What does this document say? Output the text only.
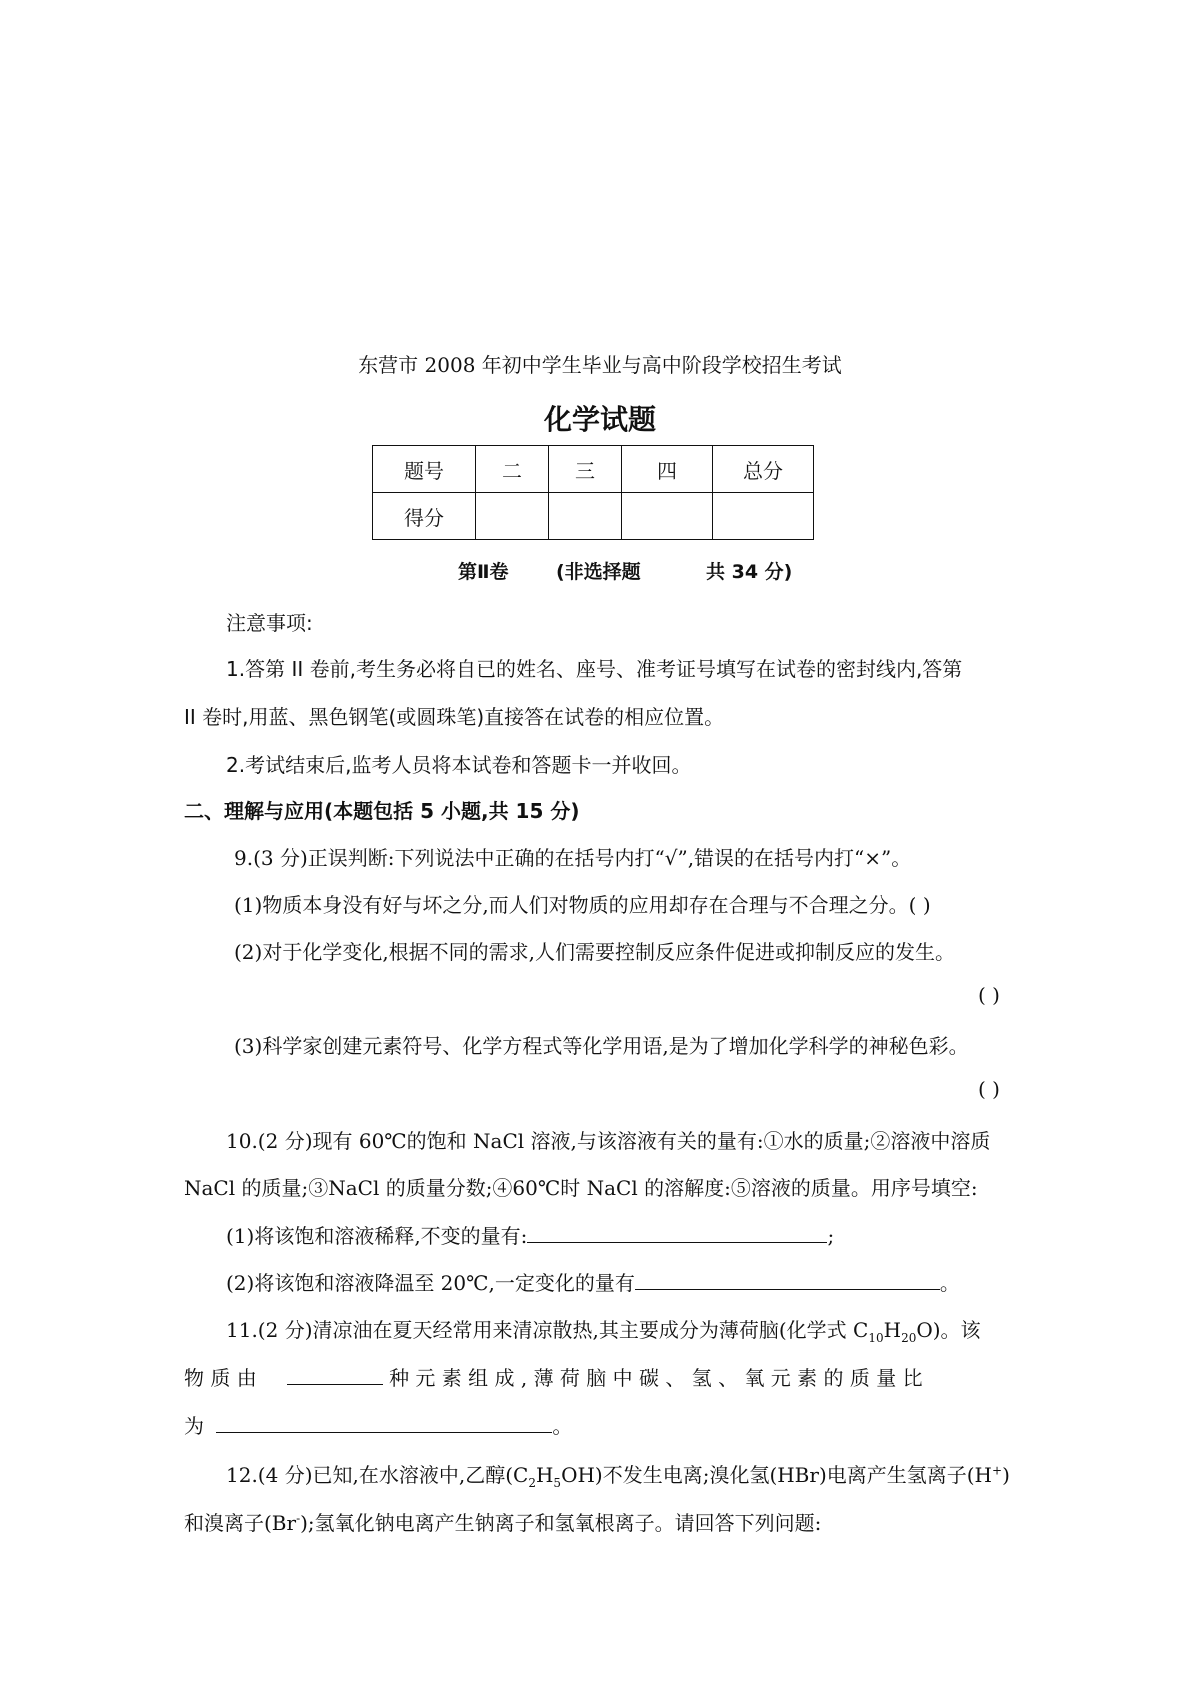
东营市 2008 年初中学生毕业与高中阶段学校招生考试
化学试题
题号	二	三	四	总分
得分				
第Ⅱ卷 (非选择题	共 34 分)
注意事项:
1.答第 II 卷前,考生务必将自已的姓名、座号、准考证号填写在试卷的密封线内,答第
II 卷时,用蓝、黑色钢笔(或圆珠笔)直接答在试卷的相应位置。
2.考试结束后,监考人员将本试卷和答题卡一并收回。
二、理解与应用(本题包括 5 小题,共 15 分)
9.(3 分)正误判断:下列说法中正确的在括号内打“√”,错误的在括号内打“×”。
(1)物质本身没有好与坏之分,而人们对物质的应用却存在合理与不合理之分。( )
(2)对于化学变化,根据不同的需求,人们需要控制反应条件促进或抑制反应的发生。
( )
(3)科学家创建元素符号、化学方程式等化学用语,是为了增加化学科学的神秘色彩。
( )
10.(2 分)现有 60℃的饱和 NaCl 溶液,与该溶液有关的量有:①水的质量;②溶液中溶质
NaCl 的质量;③NaCl 的质量分数;④60℃时 NaCl 的溶解度:⑤溶液的质量。用序号填空:
(1)将该饱和溶液稀释,不变的量有:	;
(2)将该饱和溶液降温至 20℃,一定变化的量有	。
11.(2 分)清凉油在夏天经常用来清凉散热,其主要成分为薄荷脑(化学式 $C_{10}H_{20}O$)。该
物 质 由	种 元 素 组 成 , 薄 荷 脑 中 碳 、 氢 、 氧 元 素 的 质 量 比
为	。
12.(4 分)已知,在水溶液中,乙醇$(C_2H_5OH)$不发生电离;溴化氢(HBr)电离产生氢离子(H+)
和溴离子(Br-);氢氧化钠电离产生钠离子和氢氧根离子。请回答下列问题:
